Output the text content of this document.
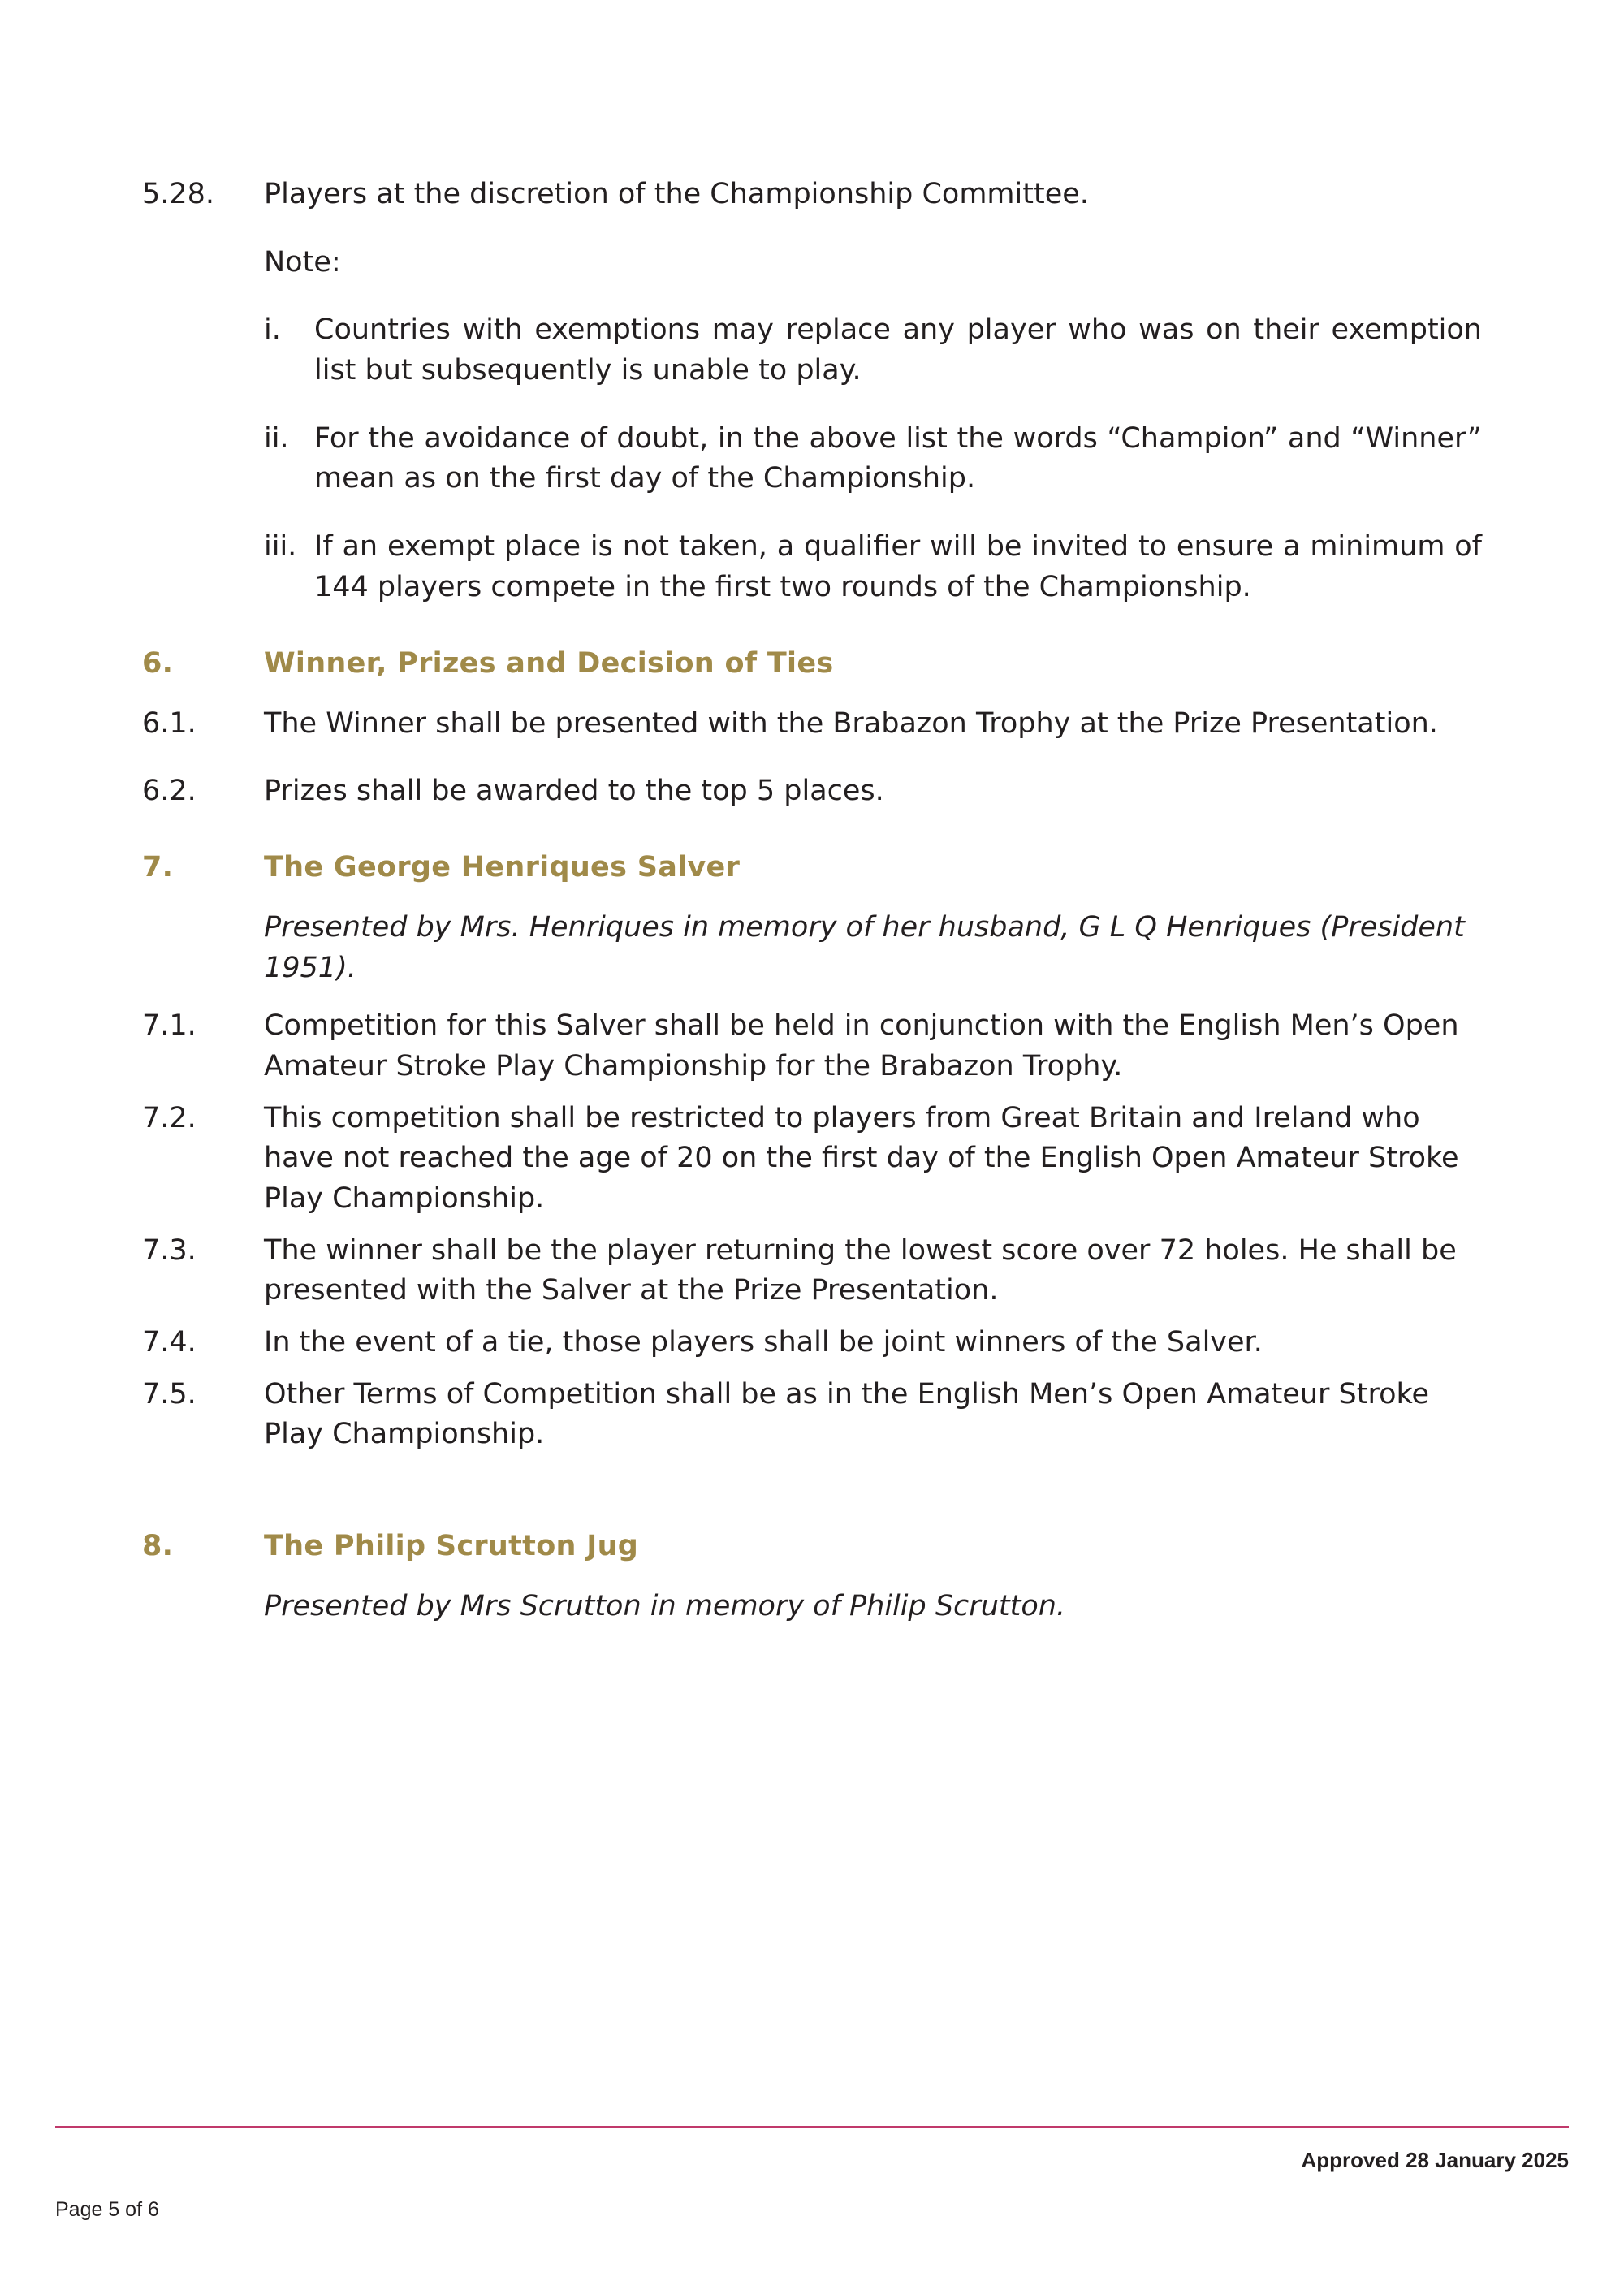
5.28.	Players at the discretion of the Championship Committee.
Note:
i.	Countries with exemptions may replace any player who was on their exemption list but subsequently is unable to play.
ii. For the avoidance of doubt, in the above list the words “Champion” and “Winner” mean as on the first day of the Championship.
iii. If an exempt place is not taken, a qualifier will be invited to ensure a minimum of 144 players compete in the first two rounds of the Championship.
6.	Winner, Prizes and Decision of Ties
6.1.	The Winner shall be presented with the Brabazon Trophy at the Prize Presentation.
6.2.	Prizes shall be awarded to the top 5 places.
7.	The George Henriques Salver
Presented by Mrs. Henriques in memory of her husband, G L Q Henriques (President 1951).
7.1.	Competition for this Salver shall be held in conjunction with the English Men’s Open Amateur Stroke Play Championship for the Brabazon Trophy.
7.2.	This competition shall be restricted to players from Great Britain and Ireland who have not reached the age of 20 on the first day of the English Open Amateur Stroke Play Championship.
7.3.	The winner shall be the player returning the lowest score over 72 holes. He shall be presented with the Salver at the Prize Presentation.
7.4.	In the event of a tie, those players shall be joint winners of the Salver.
7.5.	Other Terms of Competition shall be as in the English Men’s Open Amateur Stroke Play Championship.
8.	The Philip Scrutton Jug
Presented by Mrs Scrutton in memory of Philip Scrutton.
Approved 28 January 2025
Page 5 of 6
